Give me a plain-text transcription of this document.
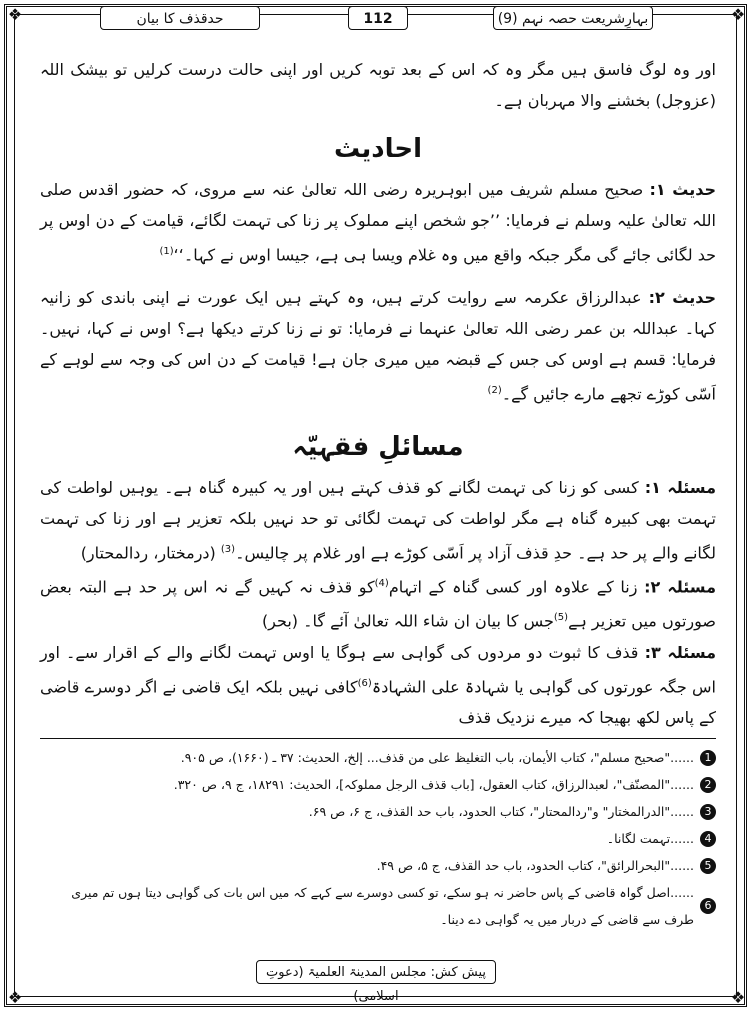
❖	❖
❖	❖
حدقذف کا بیان	112	بہارِشریعت حصہ نہم (9)

اور وہ لوگ فاسق ہیں مگر وہ کہ اس کے بعد توبہ کریں اور اپنی حالت درست کرلیں تو بیشک اللہ (عزوجل) بخشنے والا مہربان ہے۔

احادیث

حدیث ۱: صحیح مسلم شریف میں ابوہریرہ رضی اللہ تعالیٰ عنہ سے مروی، کہ حضور اقدس صلی اللہ تعالیٰ علیہ وسلم نے فرمایا: ’’جو شخص اپنے مملوک پر زنا کی تہمت لگائے، قیامت کے دن اوس پر حد لگائی جائے گی مگر جبکہ واقع میں وہ غلام ویسا ہی ہے، جیسا اوس نے کہا۔‘‘$^{(1)}$

حدیث ۲: عبدالرزاق عکرمہ سے روایت کرتے ہیں، وہ کہتے ہیں ایک عورت نے اپنی باندی کو زانیہ کہا۔ عبداللہ بن عمر رضی اللہ تعالیٰ عنہما نے فرمایا: تو نے زنا کرتے دیکھا ہے؟ اوس نے کہا، نہیں۔ فرمایا: قسم ہے اوس کی جس کے قبضہ میں میری جان ہے! قیامت کے دن اس کی وجہ سے لوہے کے اَسّی کوڑے تجھے مارے جائیں گے۔$^{(2)}$

مسائلِ فقہیّہ

مسئلہ ۱: کسی کو زنا کی تہمت لگانے کو قذف کہتے ہیں اور یہ کبیرہ گناہ ہے۔ یوہیں لواطت کی تہمت بھی کبیرہ گناہ ہے مگر لواطت کی تہمت لگائی تو حد نہیں بلکہ تعزیر ہے اور زنا کی تہمت لگانے والے پر حد ہے۔ حدِ قذف آزاد پر اَسّی کوڑے ہے اور غلام پر چالیس۔$^{(3)}$ (درمختار، ردالمحتار)

مسئلہ ۲: زنا کے علاوہ اور کسی گناہ کے اتہام$^{(4)}$کو قذف نہ کہیں گے نہ اس پر حد ہے البتہ بعض صورتوں میں تعزیر ہے$^{(5)}$جس کا بیان ان شاء اللہ تعالیٰ آئے گا۔ (بحر)

مسئلہ ۳: قذف کا ثبوت دو مردوں کی گواہی سے ہوگا یا اوس تہمت لگانے والے کے اقرار سے۔ اور اس جگہ عورتوں کی گواہی یا شہادۃ علی الشہادۃ$^{(6)}$کافی نہیں بلکہ ایک قاضی نے اگر دوسرے قاضی کے پاس لکھ بھیجا کہ میرے نزدیک قذف

1
......"صحیح مسلم"، کتاب الأیمان، باب التغلیظ علی من قذف... إلخ، الحدیث: ۳۷ ـ (۱۶۶۰)، ص ۹۰۵.
2
......"المصنّف"، لعبدالرزاق، کتاب العقول، [باب قذف الرجل مملوکہ]، الحدیث: ۱۸۲۹۱، ج ۹، ص ۳۲۰.
3
......"الدرالمختار" و"ردالمحتار"، کتاب الحدود، باب حد القذف، ج ۶، ص ۶۹.
4
......تہمت لگانا۔
5
......"البحرالرائق"، کتاب الحدود، باب حد القذف، ج ۵، ص ۴۹.
6
......اصل گواہ قاضی کے پاس حاضر نہ ہو سکے، تو کسی دوسرے سے کہے کہ میں اس بات کی گواہی دیتا ہوں تم میری طرف سے قاضی کے دربار میں یہ گواہی دے دینا۔
پیش کش: مجلس المدینۃ العلمیۃ (دعوتِ اسلامی)
